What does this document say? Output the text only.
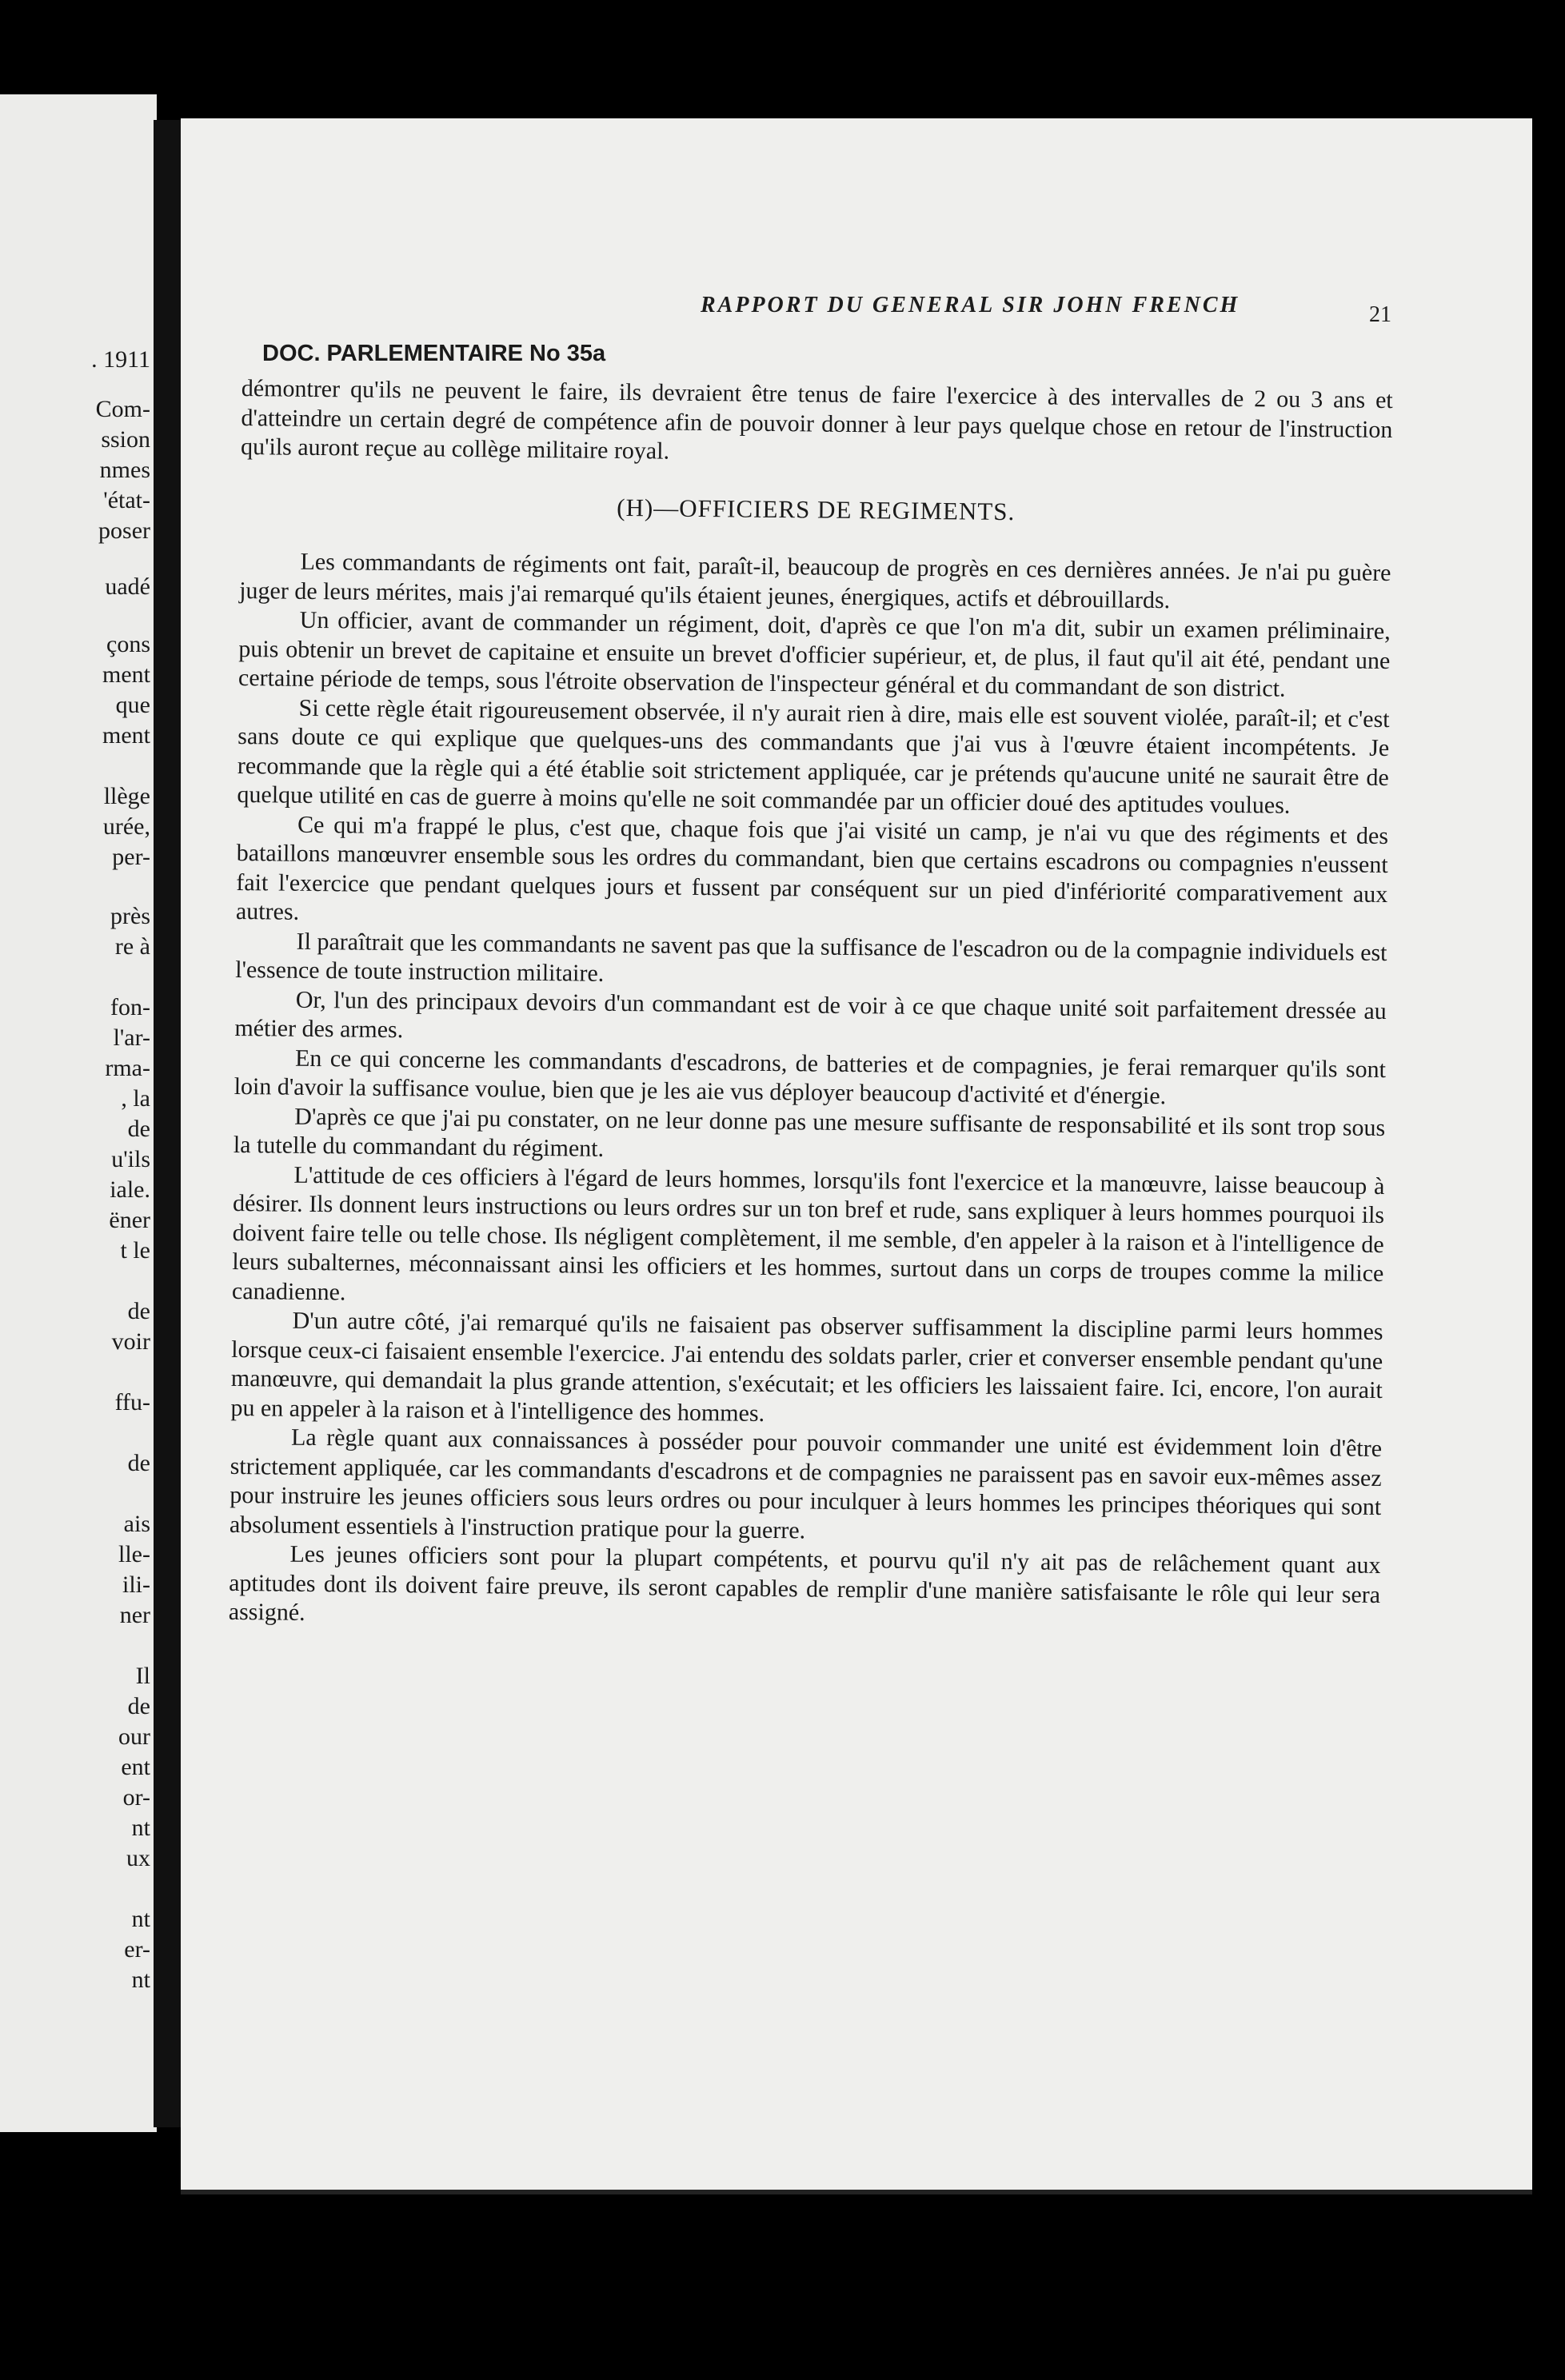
. 1911
Com-
ssion
nmes
'état-
poser
uadé
çons
ment
que
ment
llège
urée,
per-
près
re à
fon-
l'ar-
rma-
, la
de
u'ils
iale.
ëner
t le
de
voir
ffu-
de
ais
lle-
ili-
ner
Il
de
our
ent
or-
nt
ux
nt
er-
nt
RAPPORT DU GENERAL SIR JOHN FRENCH	21
DOC. PARLEMENTAIRE No 35a

démontrer qu'ils ne peuvent le faire, ils devraient être tenus de faire l'exercice à des intervalles de 2 ou 3 ans et d'atteindre un certain degré de compétence afin de pouvoir donner à leur pays quelque chose en retour de l'instruction qu'ils auront reçue au collège militaire royal.

(H)—OFFICIERS DE REGIMENTS.

Les commandants de régiments ont fait, paraît-il, beaucoup de progrès en ces dernières années. Je n'ai pu guère juger de leurs mérites, mais j'ai remarqué qu'ils étaient jeunes, énergiques, actifs et débrouillards.

Un officier, avant de commander un régiment, doit, d'après ce que l'on m'a dit, subir un examen préliminaire, puis obtenir un brevet de capitaine et ensuite un brevet d'officier supérieur, et, de plus, il faut qu'il ait été, pendant une certaine période de temps, sous l'étroite observation de l'inspecteur général et du commandant de son district.

Si cette règle était rigoureusement observée, il n'y aurait rien à dire, mais elle est souvent violée, paraît-il; et c'est sans doute ce qui explique que quelques-uns des commandants que j'ai vus à l'œuvre étaient incompétents. Je recommande que la règle qui a été établie soit strictement appliquée, car je prétends qu'aucune unité ne saurait être de quelque utilité en cas de guerre à moins qu'elle ne soit commandée par un officier doué des aptitudes voulues.

Ce qui m'a frappé le plus, c'est que, chaque fois que j'ai visité un camp, je n'ai vu que des régiments et des bataillons manœuvrer ensemble sous les ordres du commandant, bien que certains escadrons ou compagnies n'eussent fait l'exercice que pendant quelques jours et fussent par conséquent sur un pied d'infériorité comparativement aux autres.

Il paraîtrait que les commandants ne savent pas que la suffisance de l'escadron ou de la compagnie individuels est l'essence de toute instruction militaire.

Or, l'un des principaux devoirs d'un commandant est de voir à ce que chaque unité soit parfaitement dressée au métier des armes.

En ce qui concerne les commandants d'escadrons, de batteries et de compagnies, je ferai remarquer qu'ils sont loin d'avoir la suffisance voulue, bien que je les aie vus déployer beaucoup d'activité et d'énergie.

D'après ce que j'ai pu constater, on ne leur donne pas une mesure suffisante de responsabilité et ils sont trop sous la tutelle du commandant du régiment.

L'attitude de ces officiers à l'égard de leurs hommes, lorsqu'ils font l'exercice et la manœuvre, laisse beaucoup à désirer. Ils donnent leurs instructions ou leurs ordres sur un ton bref et rude, sans expliquer à leurs hommes pourquoi ils doivent faire telle ou telle chose. Ils négligent complètement, il me semble, d'en appeler à la raison et à l'intelligence de leurs subalternes, méconnaissant ainsi les officiers et les hommes, surtout dans un corps de troupes comme la milice canadienne.

D'un autre côté, j'ai remarqué qu'ils ne faisaient pas observer suffisamment la discipline parmi leurs hommes lorsque ceux-ci faisaient ensemble l'exercice. J'ai entendu des soldats parler, crier et converser ensemble pendant qu'une manœuvre, qui demandait la plus grande attention, s'exécutait; et les officiers les laissaient faire. Ici, encore, l'on aurait pu en appeler à la raison et à l'intelligence des hommes.

La règle quant aux connaissances à posséder pour pouvoir commander une unité est évidemment loin d'être strictement appliquée, car les commandants d'escadrons et de compagnies ne paraissent pas en savoir eux-mêmes assez pour instruire les jeunes officiers sous leurs ordres ou pour inculquer à leurs hommes les principes théoriques qui sont absolument essentiels à l'instruction pratique pour la guerre.

Les jeunes officiers sont pour la plupart compétents, et pourvu qu'il n'y ait pas de relâchement quant aux aptitudes dont ils doivent faire preuve, ils seront capables de remplir d'une manière satisfaisante le rôle qui leur sera assigné.
